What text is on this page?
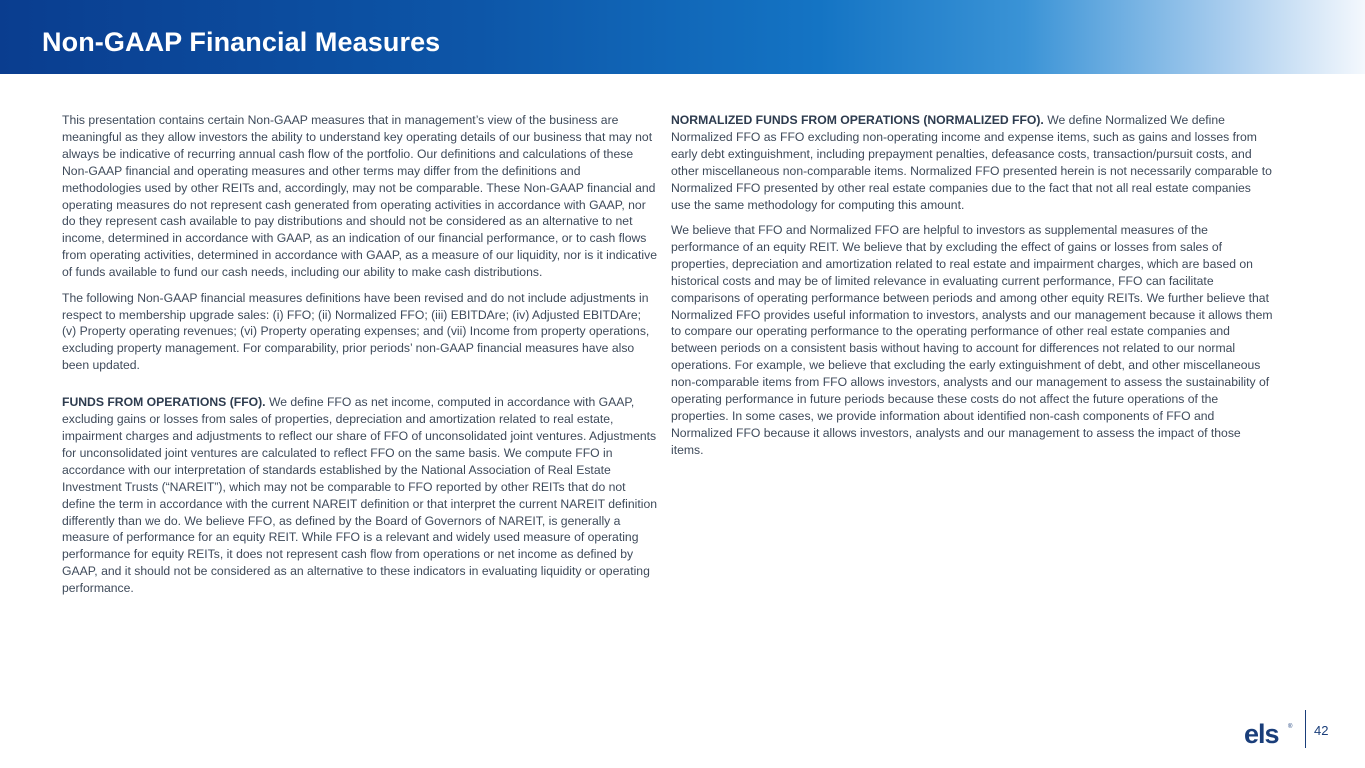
Non-GAAP Financial Measures

This presentation contains certain Non-GAAP measures that in management’s view of the business are meaningful as they allow investors the ability to understand key operating details of our business that may not always be indicative of recurring annual cash flow of the portfolio. Our definitions and calculations of these Non-GAAP financial and operating measures and other terms may differ from the definitions and methodologies used by other REITs and, accordingly, may not be comparable. These Non-GAAP financial and operating measures do not represent cash generated from operating activities in accordance with GAAP, nor do they represent cash available to pay distributions and should not be considered as an alternative to net income, determined in accordance with GAAP, as an indication of our financial performance, or to cash flows from operating activities, determined in accordance with GAAP, as a measure of our liquidity, nor is it indicative of funds available to fund our cash needs, including our ability to make cash distributions.

The following Non-GAAP financial measures definitions have been revised and do not include adjustments in respect to membership upgrade sales: (i) FFO; (ii) Normalized FFO; (iii) EBITDAre; (iv) Adjusted EBITDAre; (v) Property operating revenues; (vi) Property operating expenses; and (vii) Income from property operations, excluding property management. For comparability, prior periods’ non-GAAP financial measures have also been updated.

FUNDS FROM OPERATIONS (FFO). We define FFO as net income, computed in accordance with GAAP, excluding gains or losses from sales of properties, depreciation and amortization related to real estate, impairment charges and adjustments to reflect our share of FFO of unconsolidated joint ventures. Adjustments for unconsolidated joint ventures are calculated to reflect FFO on the same basis. We compute FFO in accordance with our interpretation of standards established by the National Association of Real Estate Investment Trusts (“NAREIT”), which may not be comparable to FFO reported by other REITs that do not define the term in accordance with the current NAREIT definition or that interpret the current NAREIT definition differently than we do. We believe FFO, as defined by the Board of Governors of NAREIT, is generally a measure of performance for an equity REIT. While FFO is a relevant and widely used measure of operating performance for equity REITs, it does not represent cash flow from operations or net income as defined by GAAP, and it should not be considered as an alternative to these indicators in evaluating liquidity or operating performance.

NORMALIZED FUNDS FROM OPERATIONS (NORMALIZED FFO). We define Normalized We define Normalized FFO as FFO excluding non-operating income and expense items, such as gains and losses from early debt extinguishment, including prepayment penalties, defeasance costs, transaction/pursuit costs, and other miscellaneous non-comparable items. Normalized FFO presented herein is not necessarily comparable to Normalized FFO presented by other real estate companies due to the fact that not all real estate companies use the same methodology for computing this amount.

We believe that FFO and Normalized FFO are helpful to investors as supplemental measures of the performance of an equity REIT. We believe that by excluding the effect of gains or losses from sales of properties, depreciation and amortization related to real estate and impairment charges, which are based on historical costs and may be of limited relevance in evaluating current performance, FFO can facilitate comparisons of operating performance between periods and among other equity REITs. We further believe that Normalized FFO provides useful information to investors, analysts and our management because it allows them to compare our operating performance to the operating performance of other real estate companies and between periods on a consistent basis without having to account for differences not related to our normal operations. For example, we believe that excluding the early extinguishment of debt, and other miscellaneous non-comparable items from FFO allows investors, analysts and our management to assess the sustainability of operating performance in future periods because these costs do not affect the future operations of the properties. In some cases, we provide information about identified non-cash components of FFO and Normalized FFO because it allows investors, analysts and our management to assess the impact of those items.

els ® 42
